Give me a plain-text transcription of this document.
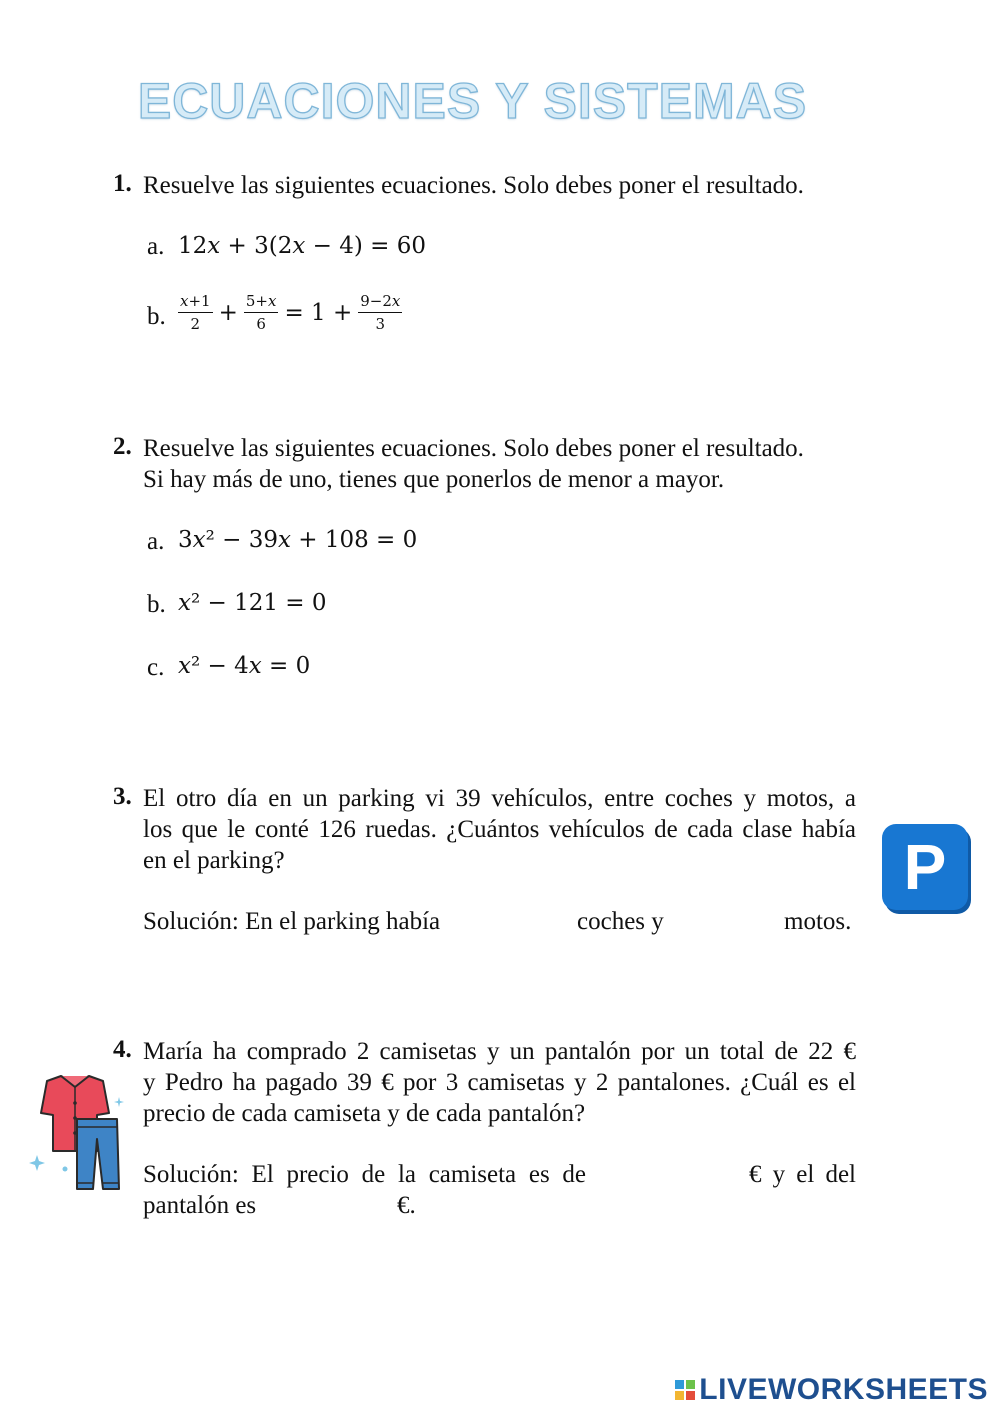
ECUACIONES Y SISTEMAS
1. Resuelve las siguientes ecuaciones. Solo debes poner el resultado.
a. 12𝑥 + 3(2𝑥 − 4) = 60
b. $\frac{\text{𝑥+1}}{2} + \frac{\text{5+𝑥}}{6} = 1 + \frac{\text{9−2𝑥}}{3}$
2. Resuelve las siguientes ecuaciones. Solo debes poner el resultado.
Si hay más de uno, tienes que ponerlos de menor a mayor.
a. 3𝑥² − 39𝑥 + 108 = 0
b. 𝑥² − 121 = 0
c. 𝑥² − 4𝑥 = 0
3. El otro día en un parking vi 39 vehículos, entre coches y motos, a
los que le conté 126 ruedas. ¿Cuántos vehículos de cada clase había
en el parking?
Solución: En el parking había	coches y	motos.
P
4. María ha comprado 2 camisetas y un pantalón por un total de 22 €
y Pedro ha pagado 39 € por 3 camisetas y 2 pantalones. ¿Cuál es el
precio de cada camiseta y de cada pantalón?
Solución: El precio de la camiseta es de	€ y el del
pantalón es	€.
LIVEWORKSHEETS
